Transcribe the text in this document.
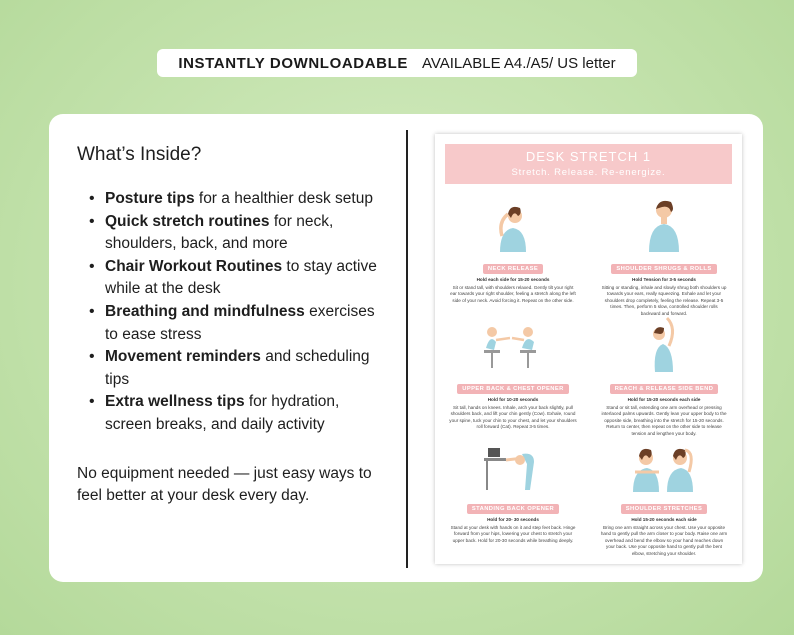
INSTANTLY DOWNLOADABLE AVAILABLE A4./A5/ US letter
What’s Inside?
• Posture tips for a healthier desk setup
• Quick stretch routines for neck, shoulders, back, and more
• Chair Workout Routines to stay active while at the desk
• Breathing and mindfulness exercises to ease stress
• Movement reminders and scheduling tips
• Extra wellness tips for hydration, screen breaks, and daily activity

No equipment needed — just easy ways to feel better at your desk every day.

DESK STRETCH 1
Stretch. Release. Re-energize.
NECK RELEASE
Hold each side for 15-20 seconds
Sit or stand tall, with shoulders relaxed. Gently tilt your right ear towards your right shoulder, feeling a stretch along the left side of your neck. Avoid forcing it. Repeat on the other side.
SHOULDER SHRUGS & ROLLS
Hold Tension for 3-5 seconds
Sitting or standing, inhale and slowly shrug both shoulders up towards your ears, really squeezing. Exhale and let your shoulders drop completely, feeling the release. Repeat 3-5 times. Then, perform 5 slow, controlled shoulder rolls backward and forward.
UPPER BACK & CHEST OPENER
Hold for 10-20 seconds
Sit tall, hands on knees. Inhale, arch your back slightly, pull shoulders back, and lift your chin gently (Cow). Exhale, round your spine, tuck your chin to your chest, and let your shoulders roll forward (Cat). Repeat 3-5 times.
REACH & RELEASE SIDE BEND
Hold for 15-20 seconds each side
Stand or sit tall, extending one arm overhead or pressing interlaced palms upwards. Gently lean your upper body to the opposite side, breathing into the stretch for 15-20 seconds. Return to center, then repeat on the other side to release tension and lengthen your body.
STANDING BACK OPENER
Hold for 20- 30 seconds
Stand at your desk with hands on it and step feet back. Hinge forward from your hips, lowering your chest to stretch your upper back. Hold for 20-30 seconds while breathing deeply.
SHOULDER STRETCHES
Hold 15-20 seconds each side
Bring one arm straight across your chest. Use your opposite hand to gently pull the arm closer to your body. Raise one arm overhead and bend the elbow so your hand reaches down your back. Use your opposite hand to gently pull the bent elbow, stretching your shoulder.
